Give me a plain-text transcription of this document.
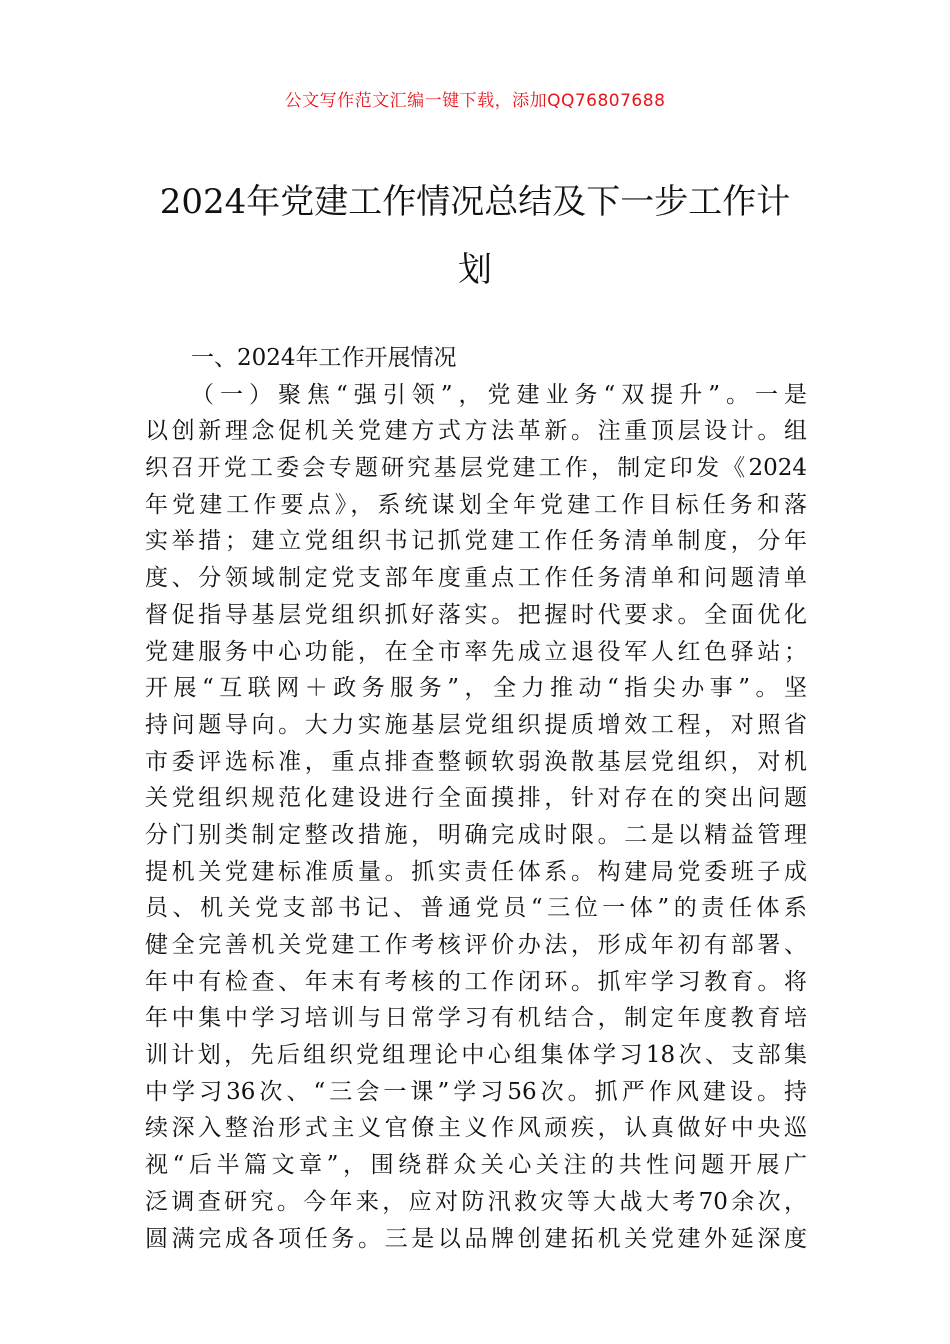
公文写作范文汇编一键下载，添加QQ76807688
2024年党建工作情况总结及下一步工作计
划
一、2024年工作开展情况
（一）聚焦“强引领”，党建业务“双提升”。一是
以创新理念促机关党建方式方法革新。注重顶层设计。组
织召开党工委会专题研究基层党建工作，制定印发《2024
年党建工作要点》，系统谋划全年党建工作目标任务和落
实举措；建立党组织书记抓党建工作任务清单制度，分年
度、分领域制定党支部年度重点工作任务清单和问题清单
督促指导基层党组织抓好落实。把握时代要求。全面优化
党建服务中心功能，在全市率先成立退役军人红色驿站；
开展“互联网＋政务服务”，全力推动“指尖办事”。坚
持问题导向。大力实施基层党组织提质增效工程，对照省
市委评选标准，重点排查整顿软弱涣散基层党组织，对机
关党组织规范化建设进行全面摸排，针对存在的突出问题
分门别类制定整改措施，明确完成时限。二是以精益管理
提机关党建标准质量。抓实责任体系。构建局党委班子成
员、机关党支部书记、普通党员“三位一体”的责任体系
健全完善机关党建工作考核评价办法，形成年初有部署、
年中有检查、年末有考核的工作闭环。抓牢学习教育。将
年中集中学习培训与日常学习有机结合，制定年度教育培
训计划，先后组织党组理论中心组集体学习18次、支部集
中学习36次、“三会一课”学习56次。抓严作风建设。持
续深入整治形式主义官僚主义作风顽疾，认真做好中央巡
视“后半篇文章”，围绕群众关心关注的共性问题开展广
泛调查研究。今年来，应对防汛救灾等大战大考70余次，
圆满完成各项任务。三是以品牌创建拓机关党建外延深度
